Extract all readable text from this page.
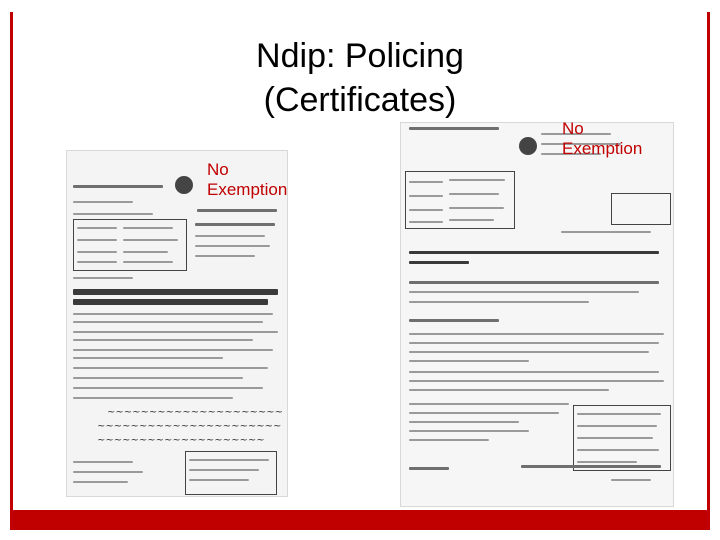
Ndip: Policing
(Certificates)
~~~~~~~~~~~~~~~~~~~~~
~~~~~~~~~~~~~~~~~~~~~~
~~~~~~~~~~~~~~~~~~~~
No
Exemption
No
Exemption
